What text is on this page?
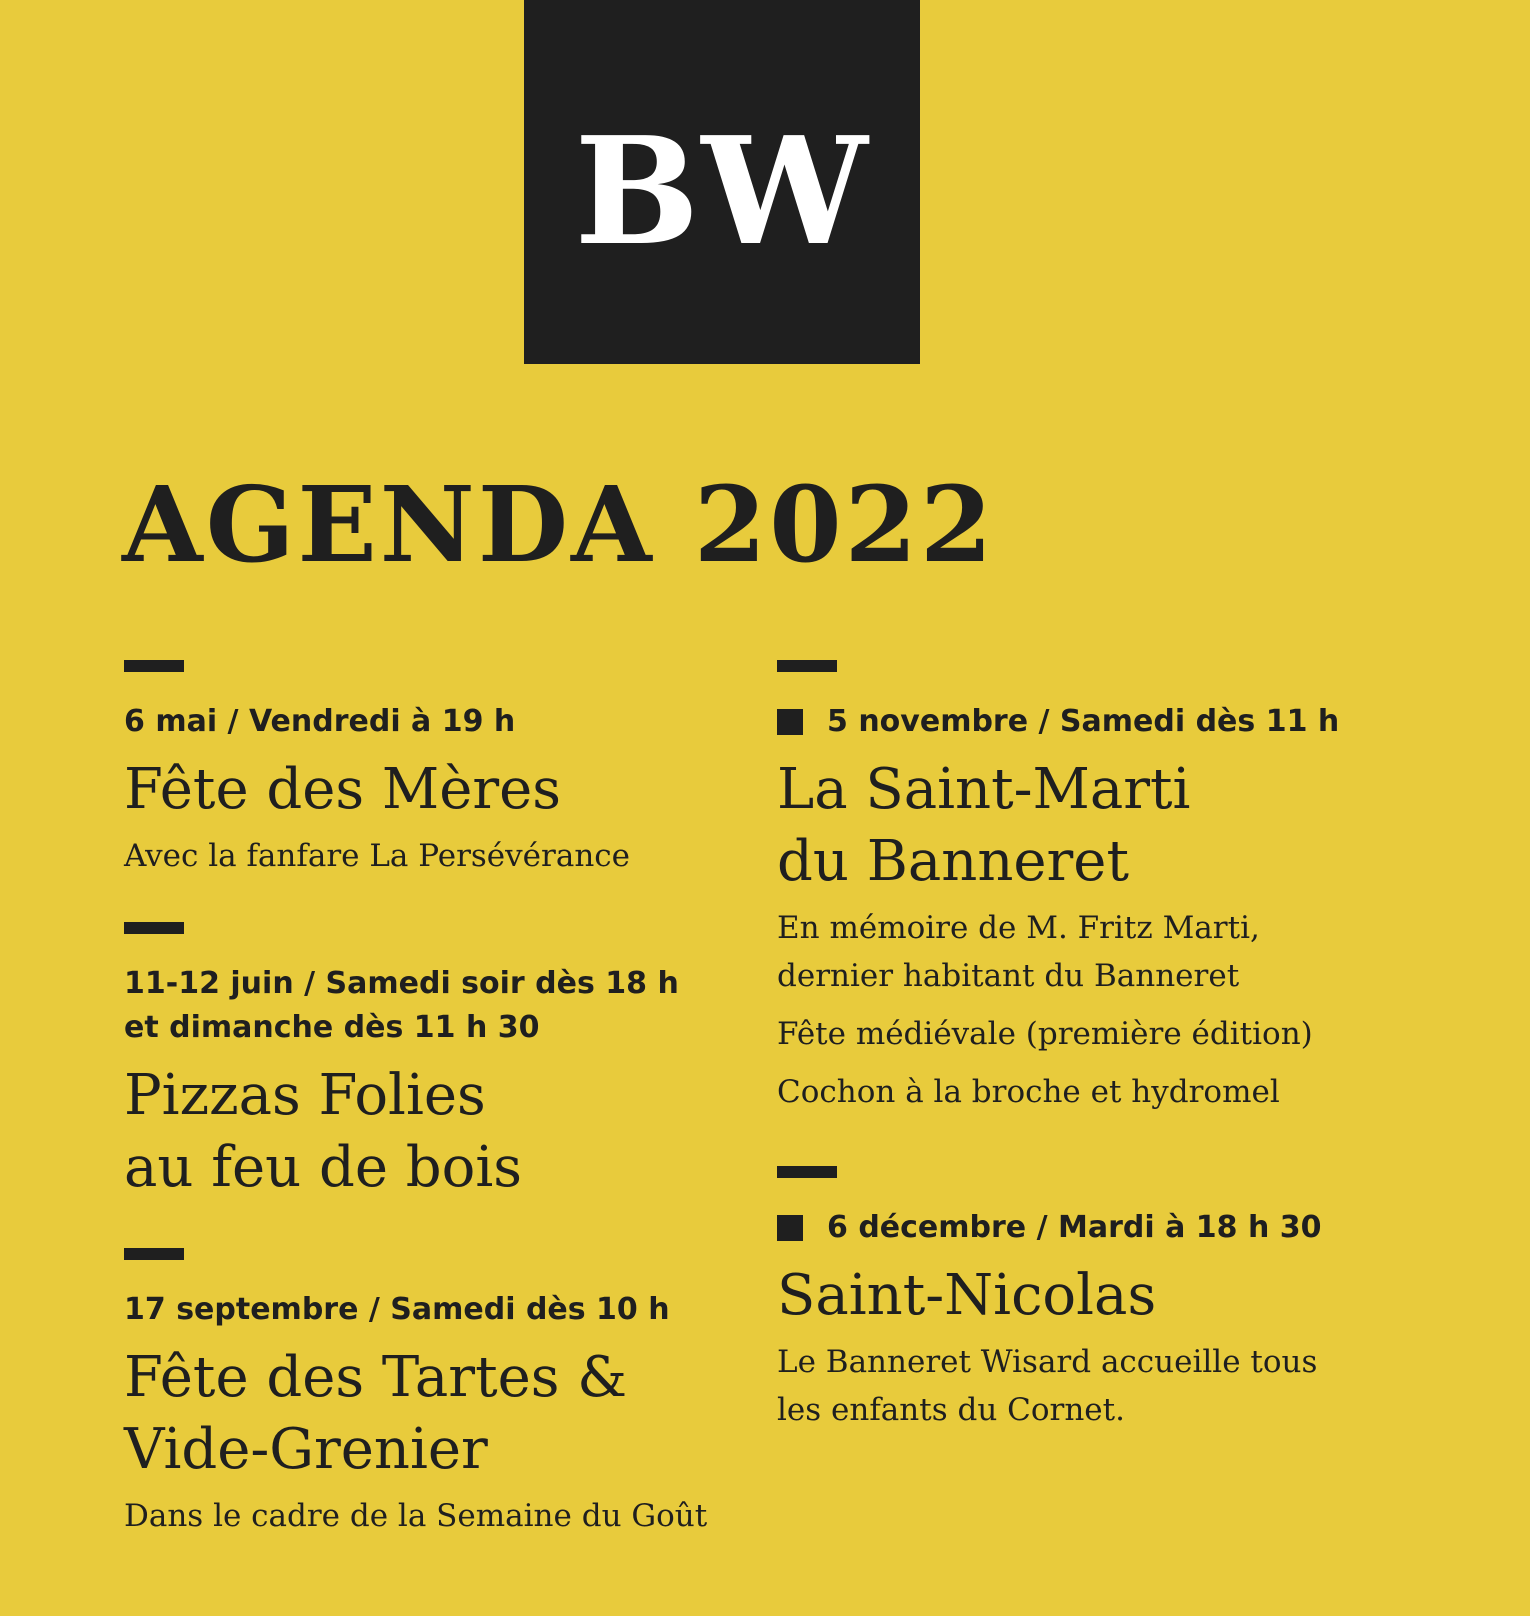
BW
AGENDA 2022
6 mai / Vendredi à 19 h
Fête des Mères
Avec la fanfare La Persévérance
11-12 juin / Samedi soir dès 18 h
et dimanche dès 11 h 30
Pizzas Folies
au feu de bois
17 septembre / Samedi dès 10 h
Fête des Tartes &
Vide-Grenier
Dans le cadre de la Semaine du Goût
5 novembre / Samedi dès 11 h
La Saint-Marti
du Banneret
En mémoire de M. Fritz Marti,
dernier habitant du Banneret
Fête médiévale (première édition)
Cochon à la broche et hydromel
6 décembre / Mardi à 18 h 30
Saint-Nicolas
Le Banneret Wisard accueille tous
les enfants du Cornet.
